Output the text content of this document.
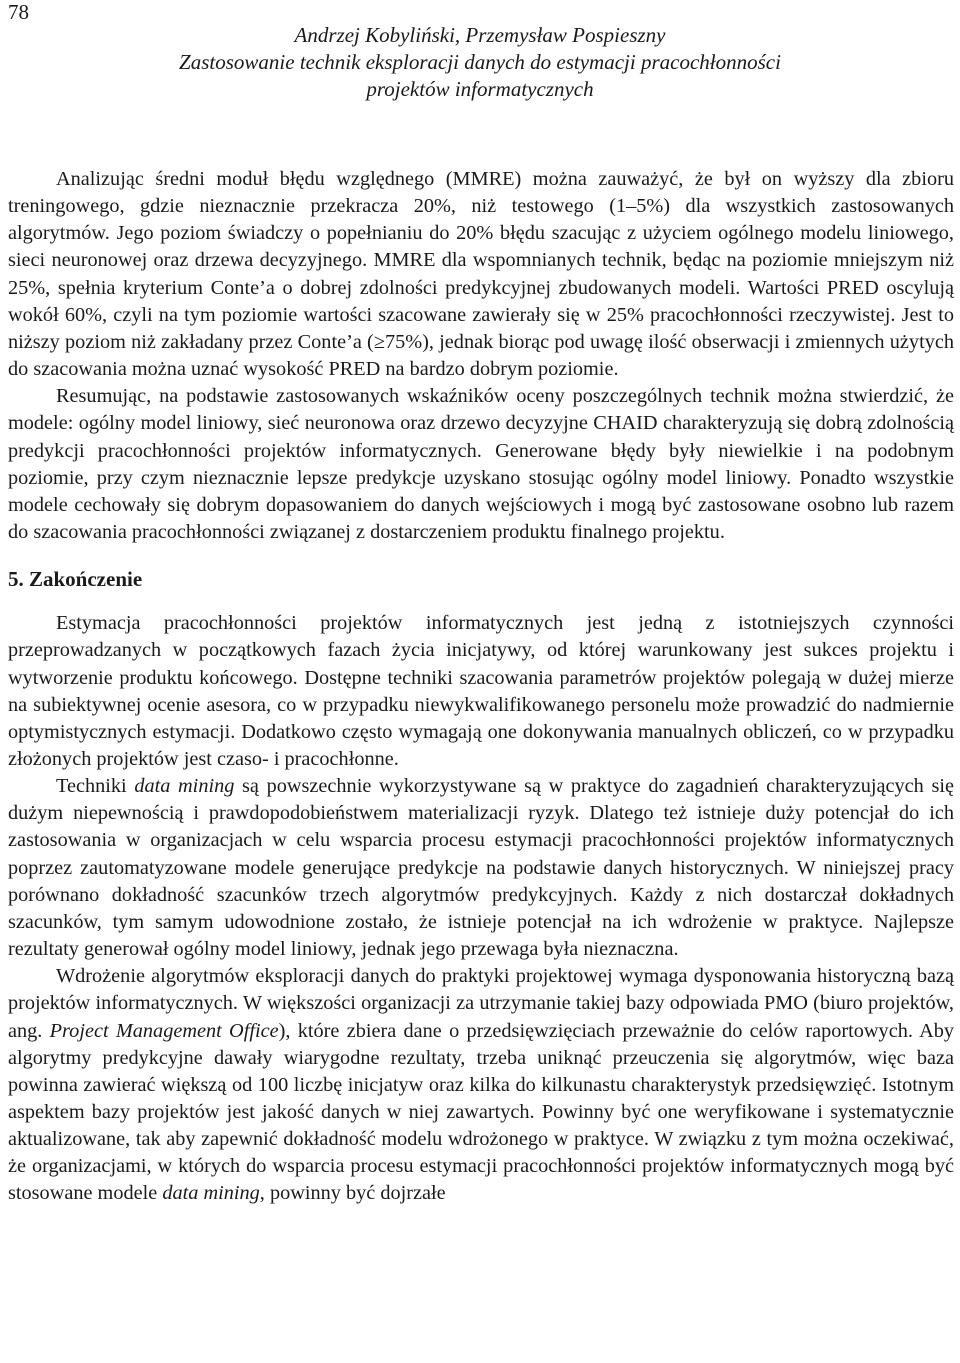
78
Andrzej Kobyliński, Przemysław Pospieszny
Zastosowanie technik eksploracji danych do estymacji pracochłonności
projektów informatycznych

Analizując średni moduł błędu względnego (MMRE) można zauważyć, że był on wyższy dla zbioru treningowego, gdzie nieznacznie przekracza 20%, niż testowego (1–5%) dla wszystkich zastosowanych algorytmów. Jego poziom świadczy o popełnianiu do 20% błędu szacując z użyciem ogólnego modelu liniowego, sieci neuronowej oraz drzewa decyzyjnego. MMRE dla wspomnianych technik, będąc na poziomie mniejszym niż 25%, spełnia kryterium Conte’a o dobrej zdolności predykcyjnej zbudowanych modeli. Wartości PRED oscylują wokół 60%, czyli na tym poziomie wartości szacowane zawierały się w 25% pracochłonności rzeczywistej. Jest to niższy poziom niż zakładany przez Conte’a (≥75%), jednak biorąc pod uwagę ilość obserwacji i zmiennych użytych do szacowania można uznać wysokość PRED na bardzo dobrym poziomie.

Resumując, na podstawie zastosowanych wskaźników oceny poszczególnych technik można stwierdzić, że modele: ogólny model liniowy, sieć neuronowa oraz drzewo decyzyjne CHAID charakteryzują się dobrą zdolnością predykcji pracochłonności projektów informatycznych. Generowane błędy były niewielkie i na podobnym poziomie, przy czym nieznacznie lepsze predykcje uzyskano stosując ogólny model liniowy. Ponadto wszystkie modele cechowały się dobrym dopasowaniem do danych wejściowych i mogą być zastosowane osobno lub razem do szacowania pracochłonności związanej z dostarczeniem produktu finalnego projektu.

5. Zakończenie

Estymacja pracochłonności projektów informatycznych jest jedną z istotniejszych czynności przeprowadzanych w początkowych fazach życia inicjatywy, od której warunkowany jest sukces projektu i wytworzenie produktu końcowego. Dostępne techniki szacowania parametrów projektów polegają w dużej mierze na subiektywnej ocenie asesora, co w przypadku niewykwalifikowanego personelu może prowadzić do nadmiernie optymistycznych estymacji. Dodatkowo często wymagają one dokonywania manualnych obliczeń, co w przypadku złożonych projektów jest czaso- i pracochłonne.

Techniki data mining są powszechnie wykorzystywane są w praktyce do zagadnień charakteryzujących się dużym niepewnością i prawdopodobieństwem materializacji ryzyk. Dlatego też istnieje duży potencjał do ich zastosowania w organizacjach w celu wsparcia procesu estymacji pracochłonności projektów informatycznych poprzez zautomatyzowane modele generujące predykcje na podstawie danych historycznych. W niniejszej pracy porównano dokładność szacunków trzech algorytmów predykcyjnych. Każdy z nich dostarczał dokładnych szacunków, tym samym udowodnione zostało, że istnieje potencjał na ich wdrożenie w praktyce. Najlepsze rezultaty generował ogólny model liniowy, jednak jego przewaga była nieznaczna.

Wdrożenie algorytmów eksploracji danych do praktyki projektowej wymaga dysponowania historyczną bazą projektów informatycznych. W większości organizacji za utrzymanie takiej bazy odpowiada PMO (biuro projektów, ang. Project Management Office), które zbiera dane o przedsięwzięciach przeważnie do celów raportowych. Aby algorytmy predykcyjne dawały wiarygodne rezultaty, trzeba uniknąć przeuczenia się algorytmów, więc baza powinna zawierać większą od 100 liczbę inicjatyw oraz kilka do kilkunastu charakterystyk przedsięwzięć. Istotnym aspektem bazy projektów jest jakość danych w niej zawartych. Powinny być one weryfikowane i systematycznie aktualizowane, tak aby zapewnić dokładność modelu wdrożonego w praktyce. W związku z tym można oczekiwać, że organizacjami, w których do wsparcia procesu estymacji pracochłonności projektów informatycznych mogą być stosowane modele data mining, powinny być dojrzałe
